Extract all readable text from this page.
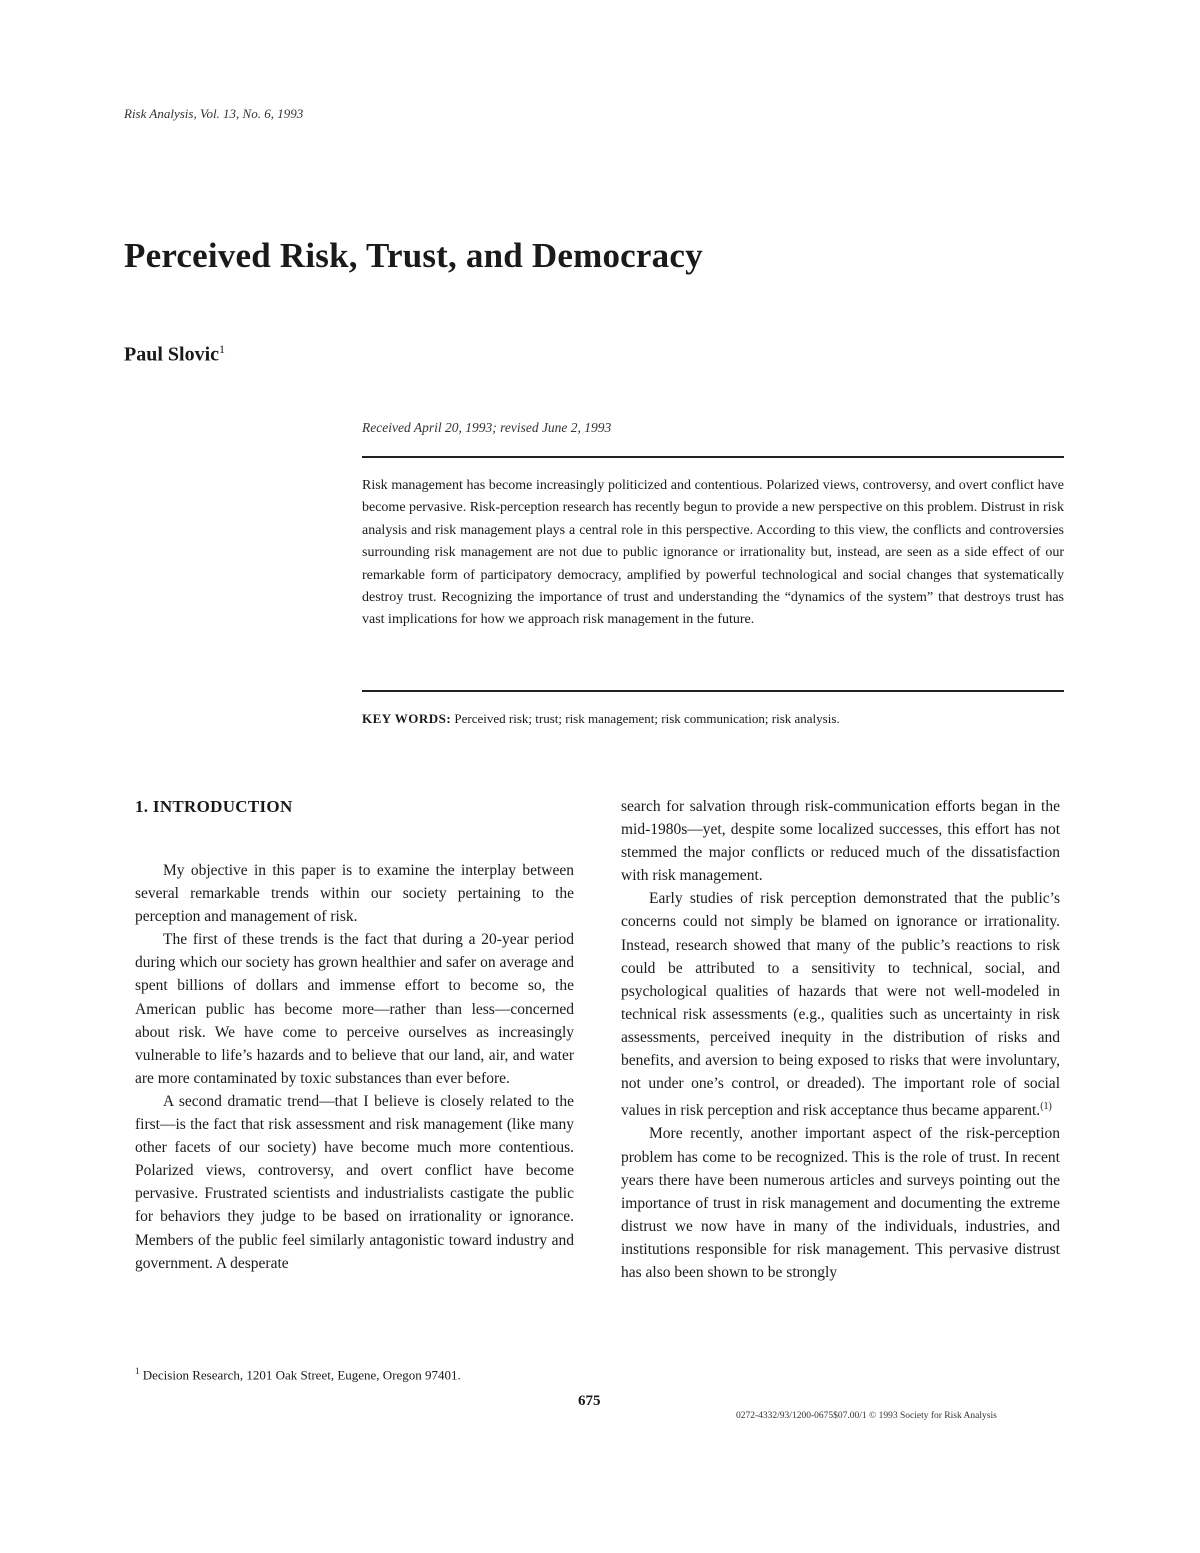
Risk Analysis, Vol. 13, No. 6, 1993
Perceived Risk, Trust, and Democracy
Paul Slovic$^1$
Received April 20, 1993; revised June 2, 1993

Risk management has become increasingly politicized and contentious. Polarized views, controversy, and overt conflict have become pervasive. Risk-perception research has recently begun to provide a new perspective on this problem. Distrust in risk analysis and risk management plays a central role in this perspective. According to this view, the conflicts and controversies surrounding risk management are not due to public ignorance or irrationality but, instead, are seen as a side effect of our remarkable form of participatory democracy, amplified by powerful technological and social changes that systematically destroy trust. Recognizing the importance of trust and understanding the “dynamics of the system” that destroys trust has vast implications for how we approach risk management in the future.

KEY WORDS: Perceived risk; trust; risk management; risk communication; risk analysis.
1. INTRODUCTION

My objective in this paper is to examine the interplay between several remarkable trends within our society pertaining to the perception and management of risk.

The first of these trends is the fact that during a 20-year period during which our society has grown healthier and safer on average and spent billions of dollars and immense effort to become so, the American public has become more—rather than less—concerned about risk. We have come to perceive ourselves as increasingly vulnerable to life’s hazards and to believe that our land, air, and water are more contaminated by toxic substances than ever before.

A second dramatic trend—that I believe is closely related to the first—is the fact that risk assessment and risk management (like many other facets of our society) have become much more contentious. Polarized views, controversy, and overt conflict have become pervasive. Frustrated scientists and industrialists castigate the public for behaviors they judge to be based on irrationality or ignorance. Members of the public feel similarly antagonistic toward industry and government. A desperate

search for salvation through risk-communication efforts began in the mid-1980s—yet, despite some localized successes, this effort has not stemmed the major conflicts or reduced much of the dissatisfaction with risk management.

Early studies of risk perception demonstrated that the public’s concerns could not simply be blamed on ignorance or irrationality. Instead, research showed that many of the public’s reactions to risk could be attributed to a sensitivity to technical, social, and psychological qualities of hazards that were not well-modeled in technical risk assessments (e.g., qualities such as uncertainty in risk assessments, perceived inequity in the distribution of risks and benefits, and aversion to being exposed to risks that were involuntary, not under one’s control, or dreaded). The important role of social values in risk perception and risk acceptance thus became apparent.$^{(1)}$

More recently, another important aspect of the risk-perception problem has come to be recognized. This is the role of trust. In recent years there have been numerous articles and surveys pointing out the importance of trust in risk management and documenting the extreme distrust we now have in many of the individuals, industries, and institutions responsible for risk management. This pervasive distrust has also been shown to be strongly

$^1$ Decision Research, 1201 Oak Street, Eugene, Oregon 97401.
675
0272-4332/93/1200-0675$07.00/1 © 1993 Society for Risk Analysis
